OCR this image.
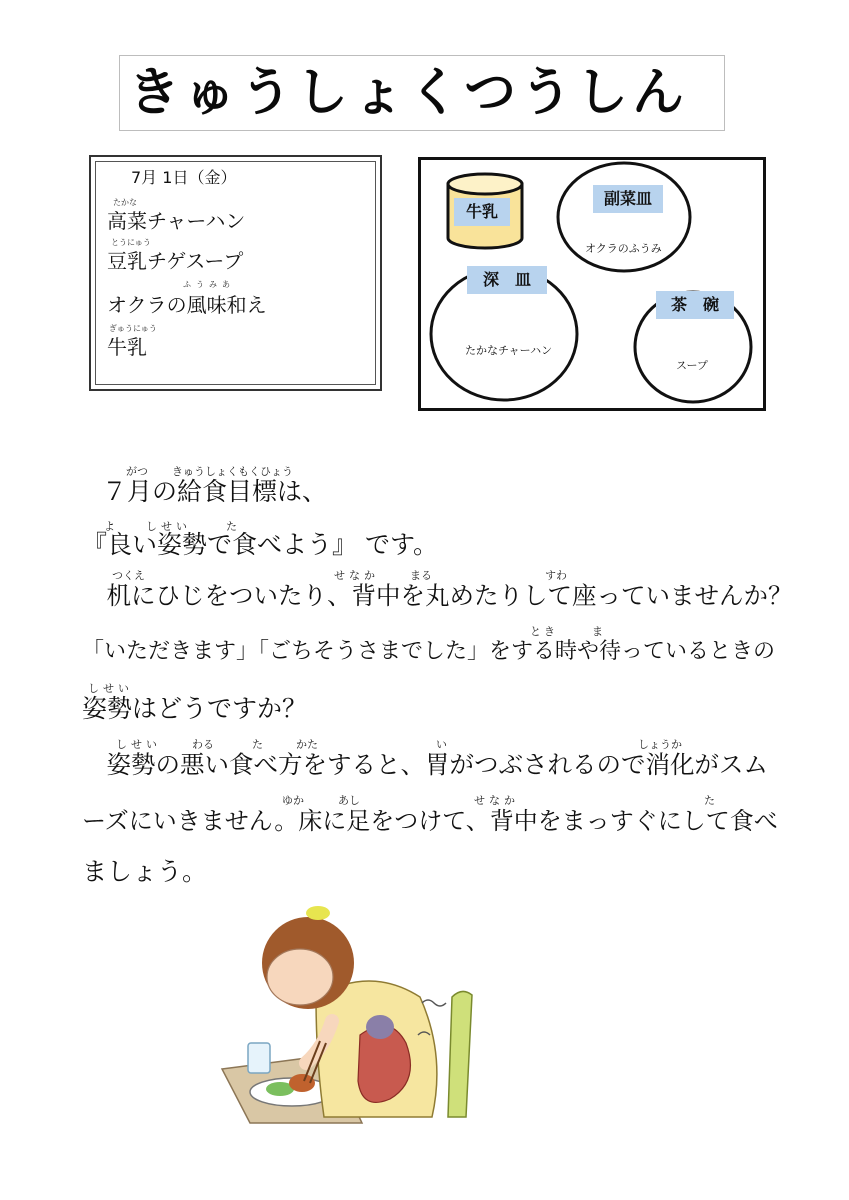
きゅうしょくつうしん
7月 1日（金）
たかな
高菜チャーハン
とうにゅう
豆乳チゲスープ
ふうみあ
オクラの風味和え
ぎゅうにゅう
牛乳
牛乳
副菜皿
オクラのふうみ
深　皿
たかなチャーハン
茶　碗
スープ
がつ きゅうしょくもくひょう
よ	しせい	た
つくえ	せなか	まる	すわ
とき	ま
しせい
しせい	わる	た	かた	い	しょうか
ゆか	あし	せなか	た
７月の給食目標は、
『良い姿勢で食べよう』 です。
　机にひじをついたり、背中を丸めたりして座っていませんか？
「いただきます」「ごちそうさまでした」をする時や待っているときの
姿勢はどうですか？
　姿勢の悪い食べ方をすると、胃がつぶされるので消化がスム
ーズにいきません。床に足をつけて、背中をまっすぐにして食べ
ましょう。
